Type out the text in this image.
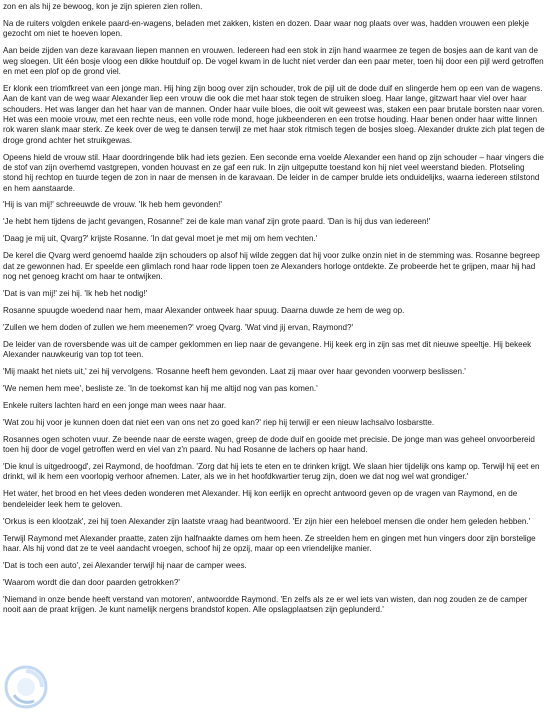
zon en als hij ze bewoog, kon je zijn spieren zien rollen.

Na de ruiters volgden enkele paard-en-wagens, beladen met zakken, kisten en dozen. Daar waar nog plaats over was, hadden vrouwen een plekje gezocht om niet te hoeven lopen.

Aan beide zijden van deze karavaan liepen mannen en vrouwen. Iedereen had een stok in zijn hand waarmee ze tegen de bosjes aan de kant van de weg sloegen. Uit één bosje vloog een dikke houtduif op. De vogel kwam in de lucht niet verder dan een paar meter, toen hij door een pijl werd getroffen en met een plof op de grond viel.

Er klonk een triomfkreet van een jonge man. Hij hing zijn boog over zijn schouder, trok de pijl uit de dode duif en slingerde hem op een van de wagens. Aan de kant van de weg waar Alexander liep een vrouw die ook die met haar stok tegen de struiken sloeg. Haar lange, gitzwart haar viel over haar schouders. Het was langer dan het haar van de mannen. Onder haar vuile bloes, die ooit wit geweest was, staken een paar brutale borsten naar voren. Het was een mooie vrouw, met een rechte neus, een volle rode mond, hoge jukbeenderen en een trotse houding. Haar benen onder haar witte linnen rok waren slank maar sterk. Ze keek over de weg te dansen terwijl ze met haar stok ritmisch tegen de bosjes sloeg. Alexander drukte zich plat tegen de droge grond achter het struikgewas.

Opeens hield de vrouw stil. Haar doordringende blik had iets gezien. Een seconde erna voelde Alexander een hand op zijn schouder – haar vingers die de stof van zijn overhemd vastgrepen, vonden houvast en ze gaf een ruk. In zijn uitgeputte toestand kon hij niet veel weerstand bieden. Plotseling stond hij rechtop en tuurde tegen de zon in naar de mensen in de karavaan. De leider in de camper brulde iets onduidelijks, waarna iedereen stilstond en hem aanstaarde.

'Hij is van mij!' schreeuwde de vrouw. 'Ik heb hem gevonden!'

'Je hebt hem tijdens de jacht gevangen, Rosanne!' zei de kale man vanaf zijn grote paard. 'Dan is hij dus van iedereen!'

'Daag je mij uit, Qvarg?' krijste Rosanne. 'In dat geval moet je met mij om hem vechten.'

De kerel die Qvarg werd genoemd haalde zijn schouders op alsof hij wilde zeggen dat hij voor zulke onzin niet in de stemming was. Rosanne begreep dat ze gewonnen had. Er speelde een glimlach rond haar rode lippen toen ze Alexanders horloge ontdekte. Ze probeerde het te grijpen, maar hij had nog net genoeg kracht om haar te ontwijken.

'Dat is van mij!' zei hij. 'Ik heb het nodig!'

Rosanne spuugde woedend naar hem, maar Alexander ontweek haar spuug. Daarna duwde ze hem de weg op.

'Zullen we hem doden of zullen we hem meenemen?' vroeg Qvarg. 'Wat vind jij ervan, Raymond?'

De leider van de roversbende was uit de camper geklommen en liep naar de gevangene. Hij keek erg in zijn sas met dit nieuwe speeltje. Hij bekeek Alexander nauwkeurig van top tot teen.

'Mij maakt het niets uit,' zei hij vervolgens. 'Rosanne heeft hem gevonden. Laat zij maar over haar gevonden voorwerp beslissen.'

'We nemen hem mee', besliste ze. 'In de toekomst kan hij me altijd nog van pas komen.'

Enkele ruiters lachten hard en een jonge man wees naar haar.

'Wat zou hij voor je kunnen doen dat niet een van ons net zo goed kan?' riep hij terwijl er een nieuw lachsalvo losbarstte.

Rosannes ogen schoten vuur. Ze beende naar de eerste wagen, greep de dode duif en gooide met precisie. De jonge man was geheel onvoorbereid toen hij door de vogel getroffen werd en viel van z'n paard. Nu had Rosanne de lachers op haar hand.

'Die knul is uitgedroogd', zei Raymond, de hoofdman. 'Zorg dat hij iets te eten en te drinken krijgt. We slaan hier tijdelijk ons kamp op. Terwijl hij eet en drinkt, wil ik hem een voorlopig verhoor afnemen. Later, als we in het hoofdkwartier terug zijn, doen we dat nog wel wat grondiger.'

Het water, het brood en het vlees deden wonderen met Alexander. Hij kon eerlijk en oprecht antwoord geven op de vragen van Raymond, en de bendeleider leek hem te geloven.

'Orkus is een klootzak', zei hij toen Alexander zijn laatste vraag had beantwoord. 'Er zijn hier een heleboel mensen die onder hem geleden hebben.'

Terwijl Raymond met Alexander praatte, zaten zijn halfnaakte dames om hem heen. Ze streelden hem en gingen met hun vingers door zijn borstelige haar. Als hij vond dat ze te veel aandacht vroegen, schoof hij ze opzij, maar op een vriendelijke manier.

'Dat is toch een auto', zei Alexander terwijl hij naar de camper wees.

'Waarom wordt die dan door paarden getrokken?'

'Niemand in onze bende heeft verstand van motoren', antwoordde Raymond. 'En zelfs als ze er wel iets van wisten, dan nog zouden ze de camper nooit aan de praat krijgen. Je kunt namelijk nergens brandstof kopen. Alle opslagplaatsen zijn geplunderd.'
